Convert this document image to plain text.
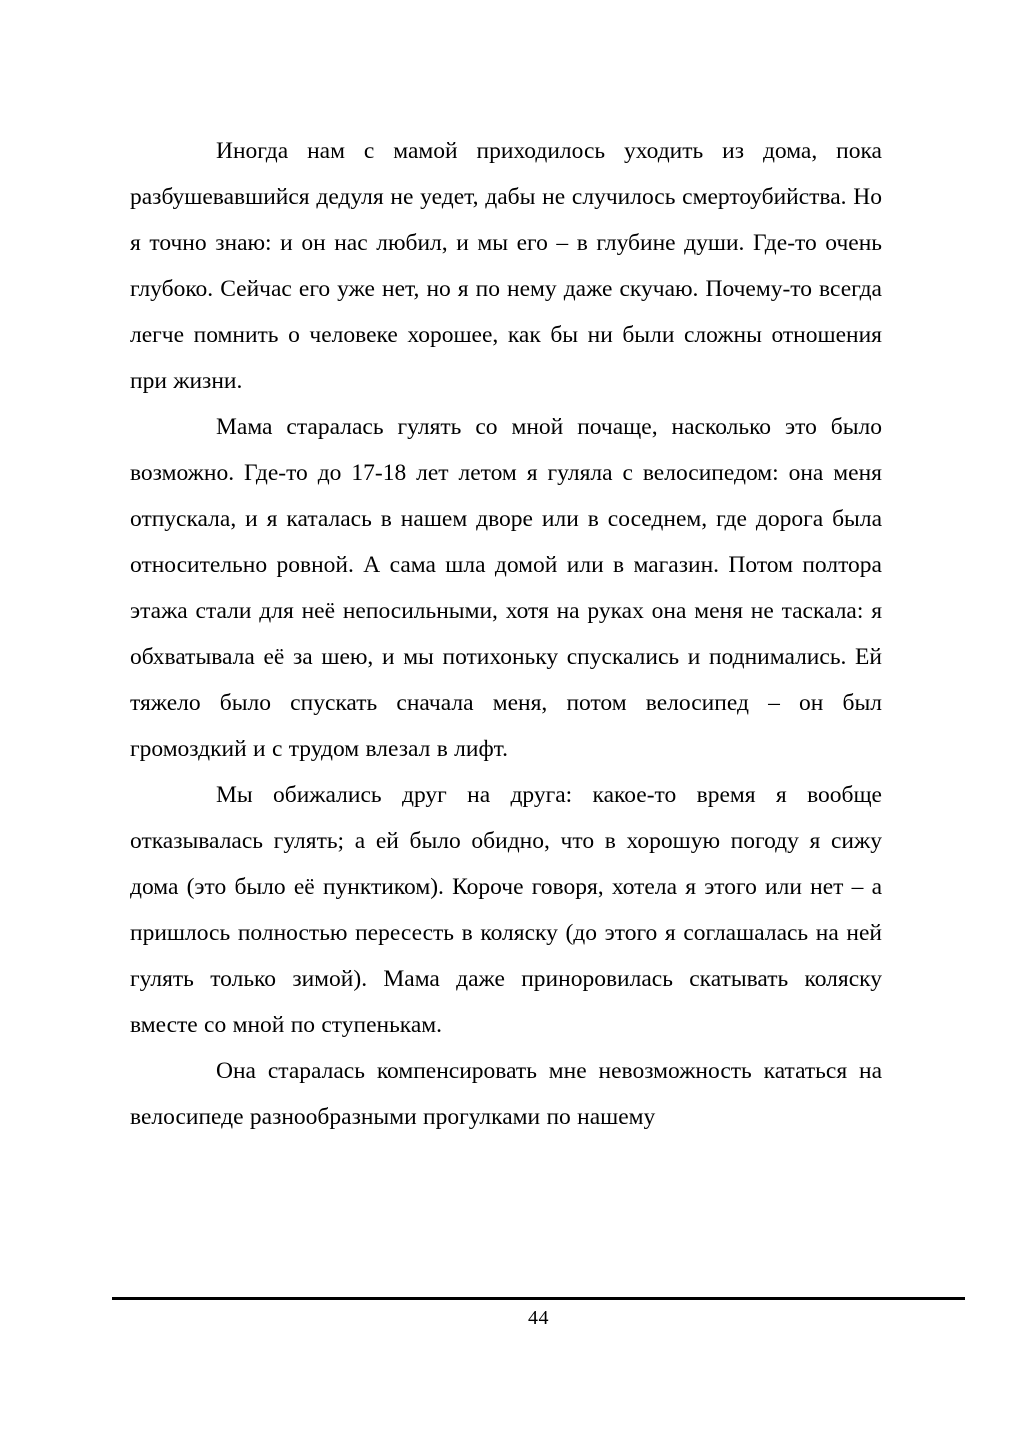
Иногда нам с мамой приходилось уходить из дома, пока разбушевавшийся дедуля не уедет, дабы не случилось смертоубийства. Но я точно знаю: и он нас любил, и мы его – в глубине души. Где-то очень глубоко. Сейчас его уже нет, но я по нему даже скучаю. Почему-то всегда легче помнить о человеке хорошее, как бы ни были сложны отношения при жизни.

Мама старалась гулять со мной почаще, насколько это было возможно. Где-то до 17-18 лет летом я гуляла с велосипедом: она меня отпускала, и я каталась в нашем дворе или в соседнем, где дорога была относительно ровной. А сама шла домой или в магазин. Потом полтора этажа стали для неё непосильными, хотя на руках она меня не таскала: я обхватывала её за шею, и мы потихоньку спускались и поднимались. Ей тяжело было спускать сначала меня, потом велосипед – он был громоздкий и с трудом влезал в лифт.

Мы обижались друг на друга: какое-то время я вообще отказывалась гулять; а ей было обидно, что в хорошую погоду я сижу дома (это было её пунктиком). Короче говоря, хотела я этого или нет – а пришлось полностью пересесть в коляску (до этого я соглашалась на ней гулять только зимой). Мама даже приноровилась скатывать коляску вместе со мной по ступенькам.

Она старалась компенсировать мне невозможность кататься на велосипеде разнообразными прогулками по нашему

44
